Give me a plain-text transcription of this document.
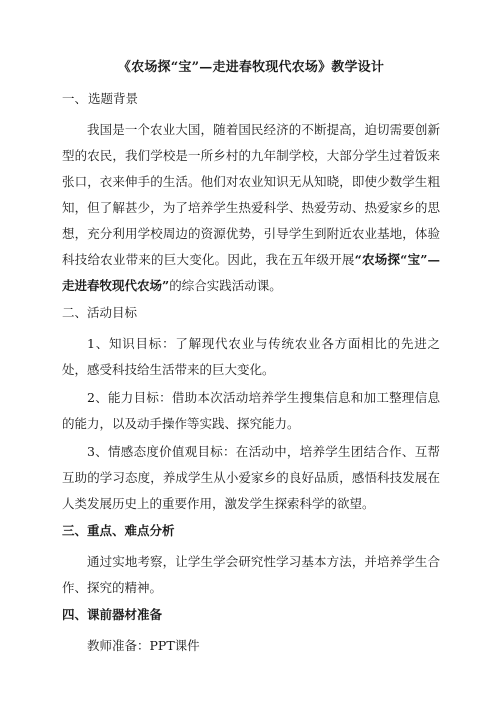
《农场探“宝”—走进春牧现代农场》教学设计
一、选题背景

我国是一个农业大国，随着国民经济的不断提高，迫切需要创新型的农民，我们学校是一所乡村的九年制学校，大部分学生过着饭来张口，衣来伸手的生活。他们对农业知识无从知晓，即使少数学生粗知，但了解甚少，为了培养学生热爱科学、热爱劳动、热爱家乡的思想，充分利用学校周边的资源优势，引导学生到附近农业基地，体验科技给农业带来的巨大变化。因此，我在五年级开展“农场探“宝”—走进春牧现代农场”的综合实践活动课。

二、活动目标

1、知识目标：了解现代农业与传统农业各方面相比的先进之处，感受科技给生活带来的巨大变化。

2、能力目标：借助本次活动培养学生搜集信息和加工整理信息的能力，以及动手操作等实践、探究能力。

3、情感态度价值观目标：在活动中，培养学生团结合作、互帮互助的学习态度，养成学生从小爱家乡的良好品质，感悟科技发展在人类发展历史上的重要作用，激发学生探索科学的欲望。

三、重点、难点分析

通过实地考察，让学生学会研究性学习基本方法，并培养学生合作、探究的精神。

四、课前器材准备

教师准备：PPT课件
